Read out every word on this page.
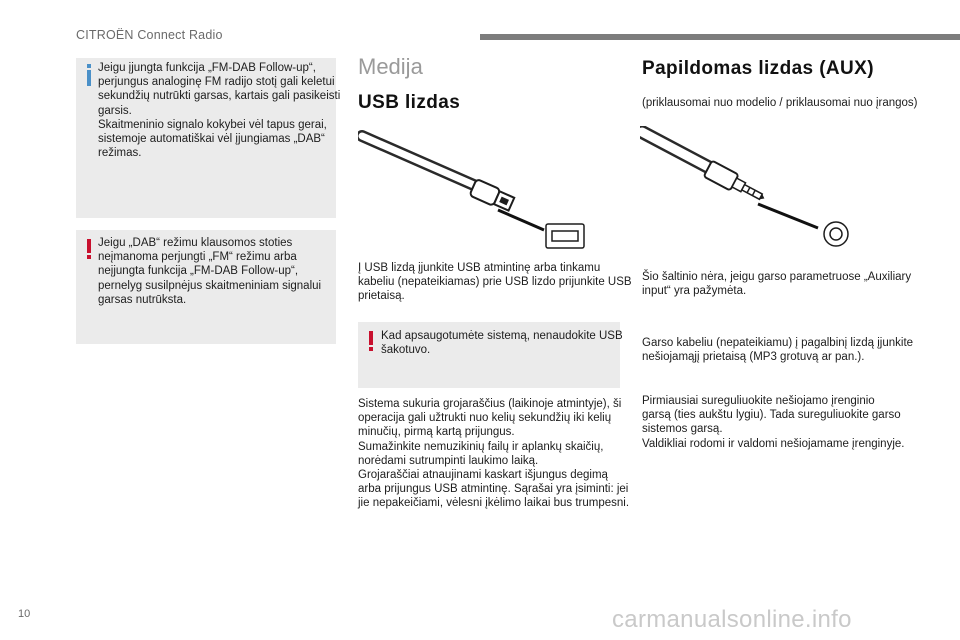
CITROËN Connect Radio
Jeigu įjungta funkcija „FM-DAB Follow-up“,
perjungus analoginę FM radijo stotį gali keletui
sekundžių nutrūkti garsas, kartais gali pasikeisti
garsis.
Skaitmeninio signalo kokybei vėl tapus gerai,
sistemoje automatiškai vėl įjungiamas „DAB“
režimas.
Jeigu „DAB“ režimu klausomos stoties
neįmanoma perjungti „FM“ režimu arba
neįjungta funkcija „FM-DAB Follow-up“,
pernelyg susilpnėjus skaitmeniniam signalui
garsas nutrūksta.
Medija
USB lizdas
Į USB lizdą įjunkite USB atmintinę arba tinkamu
kabeliu (nepateikiamas) prie USB lizdo prijunkite USB
prietaisą.
Kad apsaugotumėte sistemą, nenaudokite USB
šakotuvo.
Sistema sukuria grojaraščius (laikinoje atmintyje), ši
operacija gali užtrukti nuo kelių sekundžių iki kelių
minučių, pirmą kartą prijungus.
Sumažinkite nemuzikinių failų ir aplankų skaičių,
norėdami sutrumpinti laukimo laiką.
Grojaraščiai atnaujinami kaskart išjungus degimą
arba prijungus USB atmintinę. Sąrašai yra įsiminti: jei
jie nepakeičiami, vėlesni įkėlimo laikai bus trumpesni.
Papildomas lizdas (AUX)
(priklausomai nuo modelio / priklausomai nuo įrangos)
Šio šaltinio nėra, jeigu garso parametruose „Auxiliary
input“ yra pažymėta.
Garso kabeliu (nepateikiamu) į pagalbinį lizdą įjunkite
nešiojamąjį prietaisą (MP3 grotuvą ar pan.).
Pirmiausiai sureguliuokite nešiojamo įrenginio
garsą (ties aukštu lygiu). Tada sureguliuokite garso
sistemos garsą.
Valdikliai rodomi ir valdomi nešiojamame įrenginyje.
10	carmanualsonline.info
